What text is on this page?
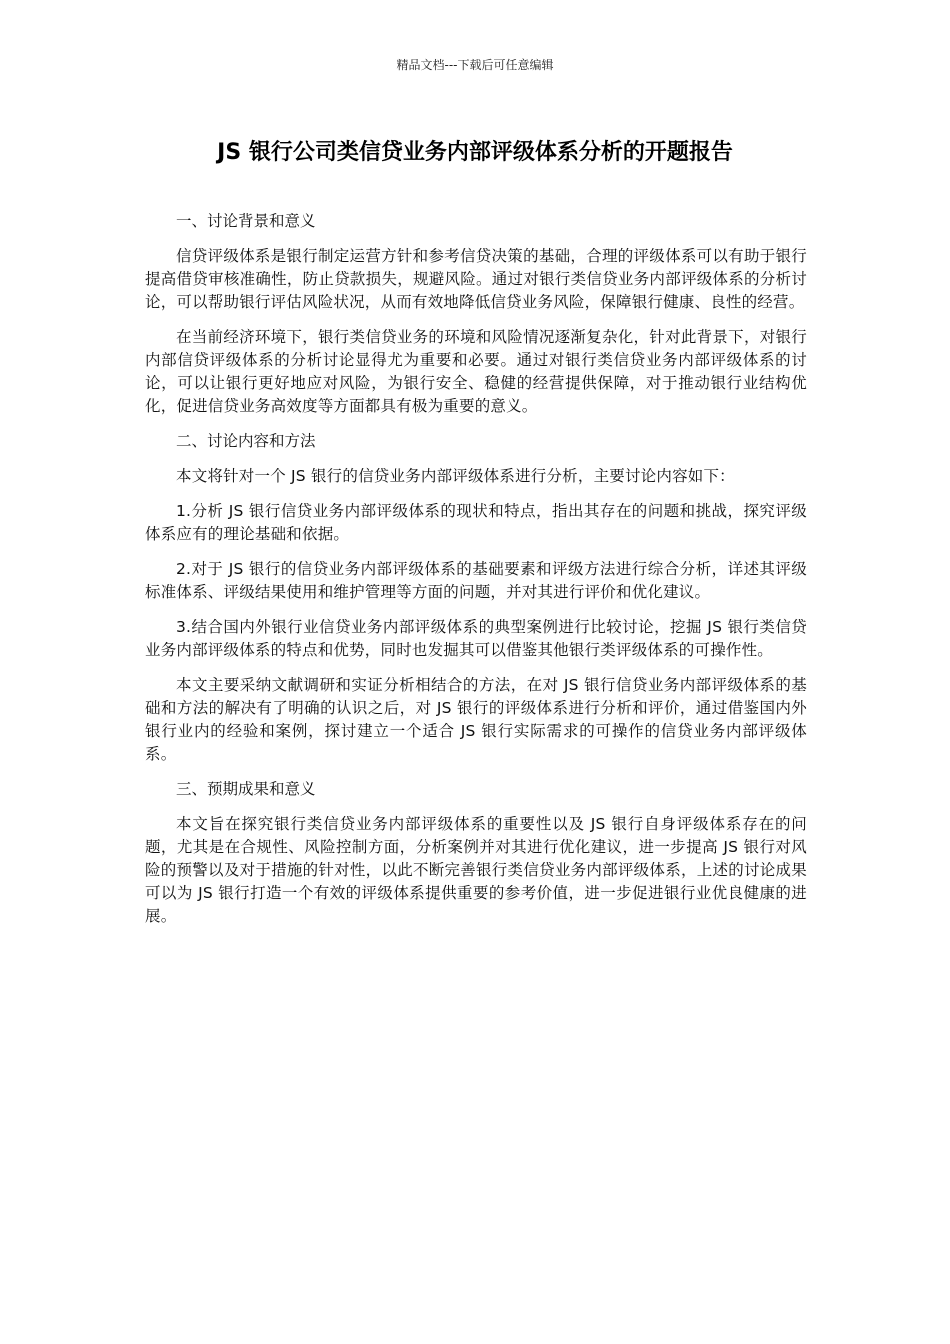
精品文档---下载后可任意编辑
JS 银行公司类信贷业务内部评级体系分析的开题报告
一、讨论背景和意义

信贷评级体系是银行制定运营方针和参考信贷决策的基础，合理的评级体系可以有助于银行提高借贷审核准确性，防止贷款损失，规避风险。通过对银行类信贷业务内部评级体系的分析讨论，可以帮助银行评估风险状况，从而有效地降低信贷业务风险，保障银行健康、良性的经营。

在当前经济环境下，银行类信贷业务的环境和风险情况逐渐复杂化，针对此背景下，对银行内部信贷评级体系的分析讨论显得尤为重要和必要。通过对银行类信贷业务内部评级体系的讨论，可以让银行更好地应对风险，为银行安全、稳健的经营提供保障，对于推动银行业结构优化，促进信贷业务高效度等方面都具有极为重要的意义。

二、讨论内容和方法

本文将针对一个 JS 银行的信贷业务内部评级体系进行分析，主要讨论内容如下：

1.分析 JS 银行信贷业务内部评级体系的现状和特点，指出其存在的问题和挑战，探究评级体系应有的理论基础和依据。

2.对于 JS 银行的信贷业务内部评级体系的基础要素和评级方法进行综合分析，详述其评级标准体系、评级结果使用和维护管理等方面的问题，并对其进行评价和优化建议。

3.结合国内外银行业信贷业务内部评级体系的典型案例进行比较讨论，挖掘 JS 银行类信贷业务内部评级体系的特点和优势，同时也发掘其可以借鉴其他银行类评级体系的可操作性。

本文主要采纳文献调研和实证分析相结合的方法，在对 JS 银行信贷业务内部评级体系的基础和方法的解决有了明确的认识之后，对 JS 银行的评级体系进行分析和评价，通过借鉴国内外银行业内的经验和案例，探讨建立一个适合 JS 银行实际需求的可操作的信贷业务内部评级体系。

三、预期成果和意义

本文旨在探究银行类信贷业务内部评级体系的重要性以及 JS 银行自身评级体系存在的问题，尤其是在合规性、风险控制方面，分析案例并对其进行优化建议，进一步提高 JS 银行对风险的预警以及对于措施的针对性，以此不断完善银行类信贷业务内部评级体系，上述的讨论成果可以为 JS 银行打造一个有效的评级体系提供重要的参考价值，进一步促进银行业优良健康的进展。
